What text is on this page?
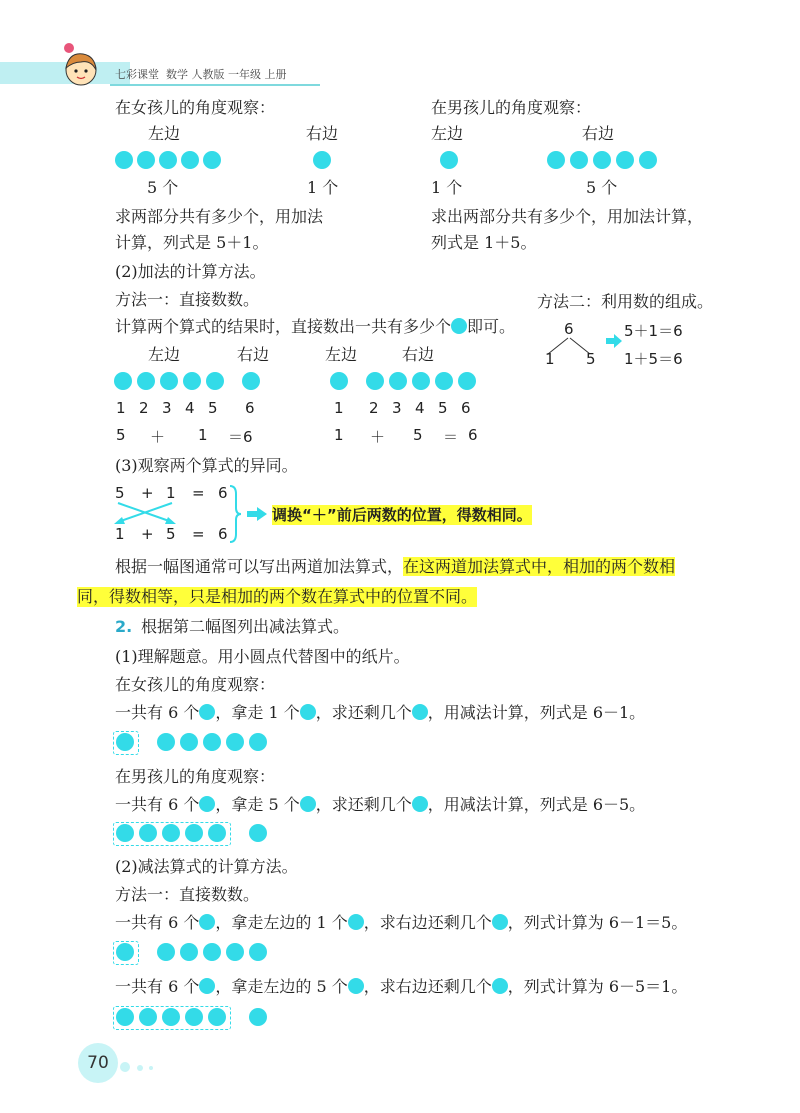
七彩课堂 数学 人教版 一年级 上册
在女孩儿的角度观察：
左边	右边
5 个	1 个
求两部分共有多少个，用加法
计算，列式是 5＋1。
在男孩儿的角度观察：
左边	右边
1 个	5 个
求出两部分共有多少个，用加法计算，
列式是 1＋5。
(2)加法的计算方法。
方法一：直接数数。	方法二：利用数的组成。
计算两个算式的结果时，直接数出一共有多少个 即可。	6
1 5
5＋1＝6
1＋5＝6
左边	右边
1 2 3 4 5 6
5 ＋ 1 ＝6
左边	右边
1 2 3 4 5 6
1 ＋ 5 ＝ 6
(3)观察两个算式的异同。
5 + 1 = 6
1 + 5 = 6
调换“＋”前后两数的位置，得数相同。
根据一幅图通常可以写出两道加法算式，在这两道加法算式中，相加的两个数相
同，得数相等，只是相加的两个数在算式中的位置不同。
2. 根据第二幅图列出减法算式。
(1)理解题意。用小圆点代替图中的纸片。
在女孩儿的角度观察：
一共有 6 个 ，拿走 1 个 ，求还剩几个 ，用减法计算，列式是 6－1。
在男孩儿的角度观察：
一共有 6 个 ，拿走 5 个 ，求还剩几个 ，用减法计算，列式是 6－5。
(2)减法算式的计算方法。
方法一：直接数数。
一共有 6 个 ，拿走左边的 1 个 ，求右边还剩几个 ，列式计算为 6－1＝5。
一共有 6 个 ，拿走左边的 5 个 ，求右边还剩几个 ，列式计算为 6－5＝1。
70
